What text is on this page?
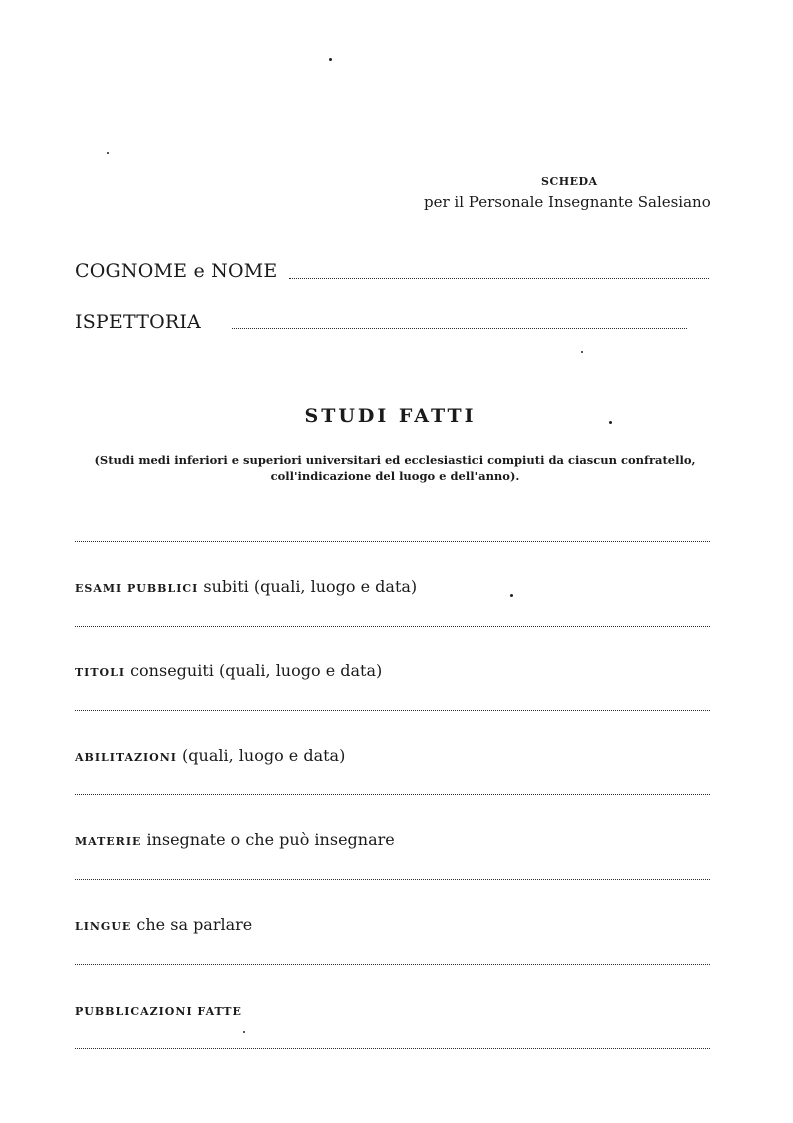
SCHEDA
per il Personale Insegnante Salesiano
COGNOME e NOME
ISPETTORIA
STUDI FATTI
(Studi medi inferiori e superiori universitari ed ecclesiastici compiuti da ciascun confratello, coll'indicazione del luogo e dell'anno).
ESAMI PUBBLICI subiti (quali, luogo e data)
TITOLI conseguiti (quali, luogo e data)
ABILITAZIONI (quali, luogo e data)
MATERIE insegnate o che può insegnare
LINGUE che sa parlare
PUBBLICAZIONI FATTE
